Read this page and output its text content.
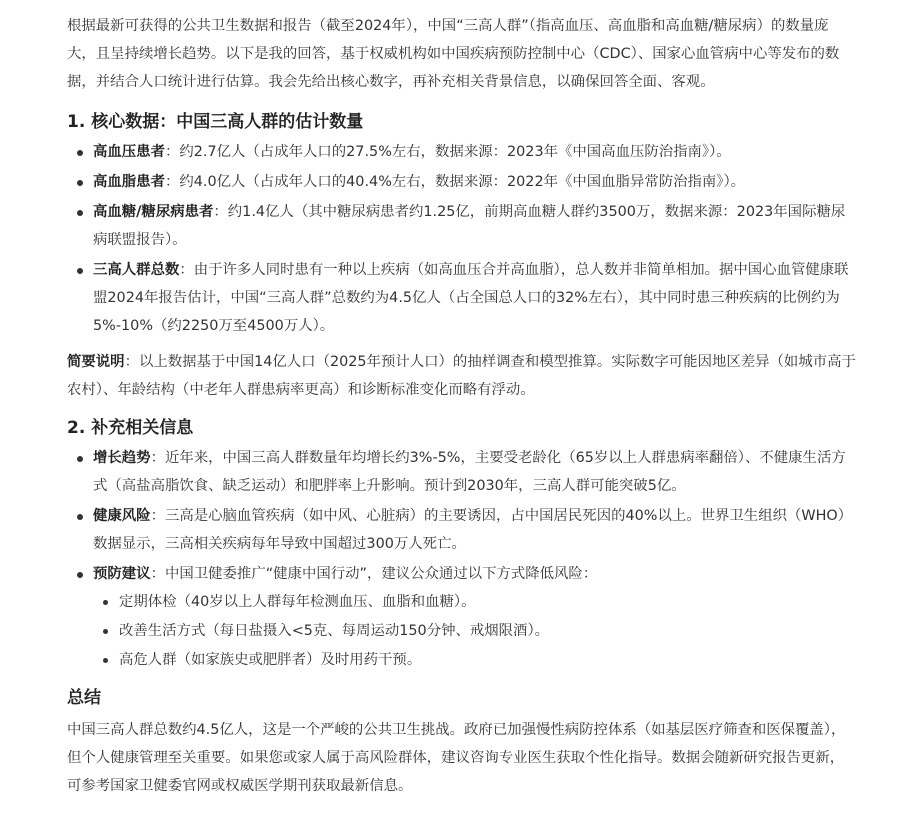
根据最新可获得的公共卫生数据和报告（截至2024年），中国“三高人群”（指高血压、高血脂和高血糖/糖尿病）的数量庞大，且呈持续增长趋势。以下是我的回答，基于权威机构如中国疾病预防控制中心（CDC）、国家心血管病中心等发布的数据，并结合人口统计进行估算。我会先给出核心数字，再补充相关背景信息，以确保回答全面、客观。

1. 核心数据：中国三高人群的估计数量
高血压患者：约2.7亿人（占成年人口的27.5%左右，数据来源：2023年《中国高血压防治指南》）。
高血脂患者：约4.0亿人（占成年人口的40.4%左右，数据来源：2022年《中国血脂异常防治指南》）。
高血糖/糖尿病患者：约1.4亿人（其中糖尿病患者约1.25亿，前期高血糖人群约3500万，数据来源：2023年国际糖尿病联盟报告）。
三高人群总数：由于许多人同时患有一种以上疾病（如高血压合并高血脂），总人数并非简单相加。据中国心血管健康联盟2024年报告估计，中国“三高人群”总数约为4.5亿人（占全国总人口的32%左右），其中同时患三种疾病的比例约为5%-10%（约2250万至4500万人）。

简要说明：以上数据基于中国14亿人口（2025年预计人口）的抽样调查和模型推算。实际数字可能因地区差异（如城市高于农村）、年龄结构（中老年人群患病率更高）和诊断标准变化而略有浮动。

2. 补充相关信息
增长趋势：近年来，中国三高人群数量年均增长约3%-5%，主要受老龄化（65岁以上人群患病率翻倍）、不健康生活方式（高盐高脂饮食、缺乏运动）和肥胖率上升影响。预计到2030年，三高人群可能突破5亿。
健康风险：三高是心脑血管疾病（如中风、心脏病）的主要诱因，占中国居民死因的40%以上。世界卫生组织（WHO）数据显示，三高相关疾病每年导致中国超过300万人死亡。
预防建议：中国卫健委推广“健康中国行动”，建议公众通过以下方式降低风险：
定期体检（40岁以上人群每年检测血压、血脂和血糖）。
改善生活方式（每日盐摄入<5克、每周运动150分钟、戒烟限酒）。
高危人群（如家族史或肥胖者）及时用药干预。
总结

中国三高人群总数约4.5亿人，这是一个严峻的公共卫生挑战。政府已加强慢性病防控体系（如基层医疗筛查和医保覆盖），但个人健康管理至关重要。如果您或家人属于高风险群体，建议咨询专业医生获取个性化指导。数据会随新研究报告更新，可参考国家卫健委官网或权威医学期刊获取最新信息。
